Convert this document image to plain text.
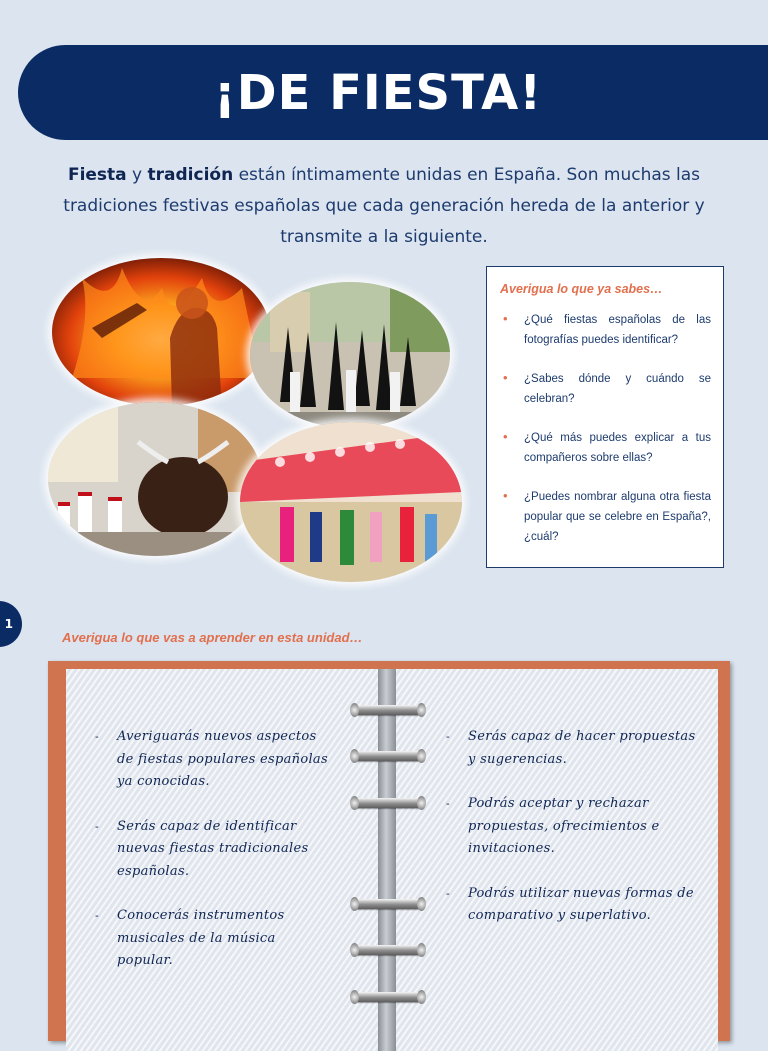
¡DE FIESTA!
Fiesta y tradición están íntimamente unidas en España. Son muchas las tradiciones festivas españolas que cada generación hereda de la anterior y transmite a la siguiente.
Averigua lo que ya sabes…
• ¿Qué fiestas españolas de las fotografías puedes identificar?
• ¿Sabes dónde y cuándo se celebran?
• ¿Qué más puedes explicar a tus compañeros sobre ellas?
• ¿Puedes nombrar alguna otra fiesta popular que se celebre en España?, ¿cuál?
1
Averigua lo que vas a aprender en esta unidad…
- Averiguarás nuevos aspectos de fiestas populares españolas ya conocidas.
- Serás capaz de identificar nuevas fiestas tradicionales españolas.
- Conocerás instrumentos musicales de la música popular.
- Serás capaz de hacer propuestas y sugerencias.
- Podrás aceptar y rechazar propuestas, ofrecimientos e invitaciones.
- Podrás utilizar nuevas formas de comparativo y superlativo.
